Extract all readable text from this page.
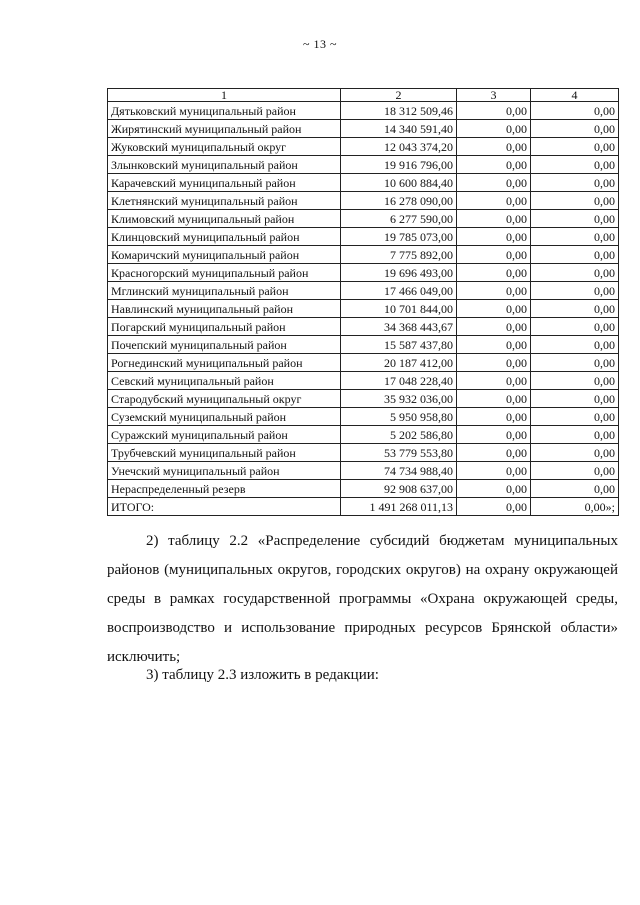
~ 13 ~
1	2	3	4
Дятьковский муниципальный район	18 312 509,46	0,00	0,00
Жирятинский муниципальный район	14 340 591,40	0,00	0,00
Жуковский муниципальный округ	12 043 374,20	0,00	0,00
Злынковский муниципальный район	19 916 796,00	0,00	0,00
Карачевский муниципальный район	10 600 884,40	0,00	0,00
Клетнянский муниципальный район	16 278 090,00	0,00	0,00
Климовский муниципальный район	6 277 590,00	0,00	0,00
Клинцовский муниципальный район	19 785 073,00	0,00	0,00
Комаричский муниципальный район	7 775 892,00	0,00	0,00
Красногорский муниципальный район	19 696 493,00	0,00	0,00
Мглинский муниципальный район	17 466 049,00	0,00	0,00
Навлинский муниципальный район	10 701 844,00	0,00	0,00
Погарский муниципальный район	34 368 443,67	0,00	0,00
Почепский муниципальный район	15 587 437,80	0,00	0,00
Рогнединский муниципальный район	20 187 412,00	0,00	0,00
Севский муниципальный район	17 048 228,40	0,00	0,00
Стародубский муниципальный округ	35 932 036,00	0,00	0,00
Суземский муниципальный район	5 950 958,80	0,00	0,00
Суражский муниципальный район	5 202 586,80	0,00	0,00
Трубчевский муниципальный район	53 779 553,80	0,00	0,00
Унечский муниципальный район	74 734 988,40	0,00	0,00
Нераспределенный резерв	92 908 637,00	0,00	0,00
ИТОГО:	1 491 268 011,13	0,00	0,00»;

2) таблицу 2.2 «Распределение субсидий бюджетам муниципальных районов (муниципальных округов, городских округов) на охрану окружающей среды в рамках государственной программы «Охрана окружающей среды, воспроизводство и использование природных ресурсов Брянской области» исключить;

3) таблицу 2.3 изложить в редакции:
